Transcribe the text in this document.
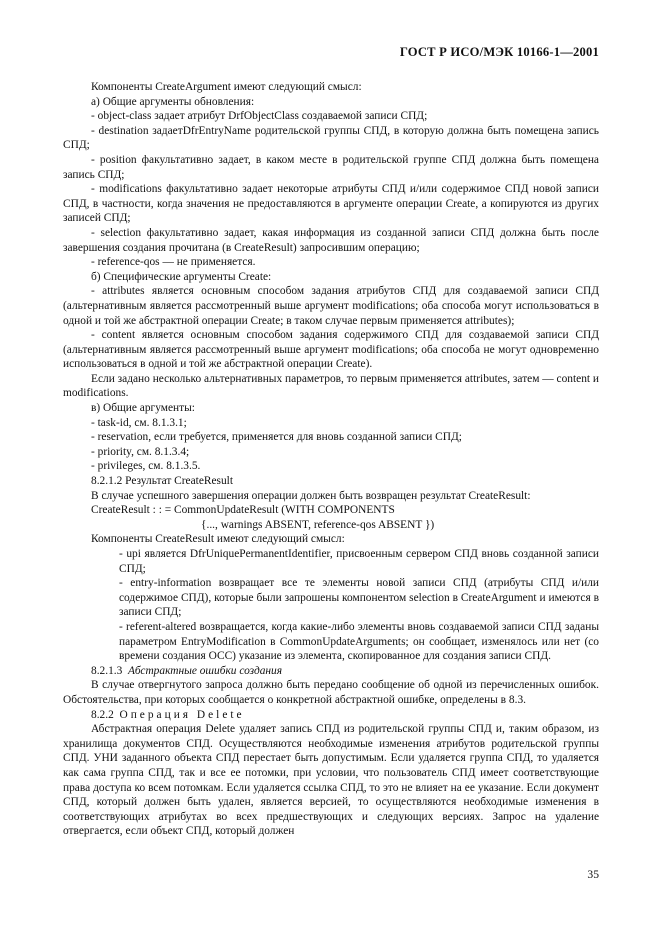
ГОСТ Р ИСО/МЭК 10166-1—2001

Компоненты CreateArgument имеют следующий смысл:

а) Общие аргументы обновления:

- object-class задает атрибут DrfObjectClass создаваемой записи СПД;

- destination задаетDfrEntryName родительской группы СПД, в которую должна быть помещена запись СПД;

- position факультативно задает, в каком месте в родительской группе СПД должна быть помещена запись СПД;

- modifications факультативно задает некоторые атрибуты СПД и/или содержимое СПД новой записи СПД, в частности, когда значения не предоставляются в аргументе операции Create, а копируются из других записей СПД;

- selection факультативно задает, какая информация из созданной записи СПД должна быть после завершения создания прочитана (в CreateResult) запросившим операцию;

- reference-qos — не применяется.

б) Специфические аргументы Create:

- attributes является основным способом задания атрибутов СПД для создаваемой записи СПД (альтернативным является рассмотренный выше аргумент modifications; оба способа могут использоваться в одной и той же абстрактной операции Create; в таком случае первым применяется attributes);

- content является основным способом задания содержимого СПД для создаваемой записи СПД (альтернативным является рассмотренный выше аргумент modifications; оба способа не могут одновременно использоваться в одной и той же абстрактной операции Create).

Если задано несколько альтернативных параметров, то первым применяется attributes, затем — content и modifications.

в) Общие аргументы:

- task-id, см. 8.1.3.1;

- reservation, если требуется, применяется для вновь созданной записи СПД;

- priority, см. 8.1.3.4;

- privileges, см. 8.1.3.5.

8.2.1.2 Результат CreateResult

В случае успешного завершения операции должен быть возвращен результат CreateResult:

CreateResult : : = CommonUpdateResult (WITH COMPONENTS

{..., warnings ABSENT, reference-qos ABSENT })

Компоненты CreateResult имеют следующий смысл:

- upi является DfrUniquePermanentIdentifier, присвоенным сервером СПД вновь созданной записи СПД;

- entry-information возвращает все те элементы новой записи СПД (атрибуты СПД и/или содержимое СПД), которые были запрошены компонентом selection в CreateArgument и имеются в записи СПД;

- referent-altered возвращается, когда какие-либо элементы вновь создаваемой записи СПД заданы параметром EntryModification в CommonUpdateArguments; он сообщает, изменялось или нет (со времени создания ОСС) указание из элемента, скопированное для создания записи СПД.

8.2.1.3 Абстрактные ошибки создания

В случае отвергнутого запроса должно быть передано сообщение об одной из перечисленных ошибок. Обстоятельства, при которых сообщается о конкретной абстрактной ошибке, определены в 8.3.

8.2.2 Операция Delete

Абстрактная операция Delete удаляет запись СПД из родительской группы СПД и, таким образом, из хранилища документов СПД. Осуществляются необходимые изменения атрибутов родительской группы СПД. УНИ заданного объекта СПД перестает быть допустимым. Если удаляется группа СПД, то удаляется как сама группа СПД, так и все ее потомки, при условии, что пользователь СПД имеет соответствующие права доступа ко всем потомкам. Если удаляется ссылка СПД, то это не влияет на ее указание. Если документ СПД, который должен быть удален, является версией, то осуществляются необходимые изменения в соответствующих атрибутах во всех предшествующих и следующих версиях. Запрос на удаление отвергается, если объект СПД, который должен

35
